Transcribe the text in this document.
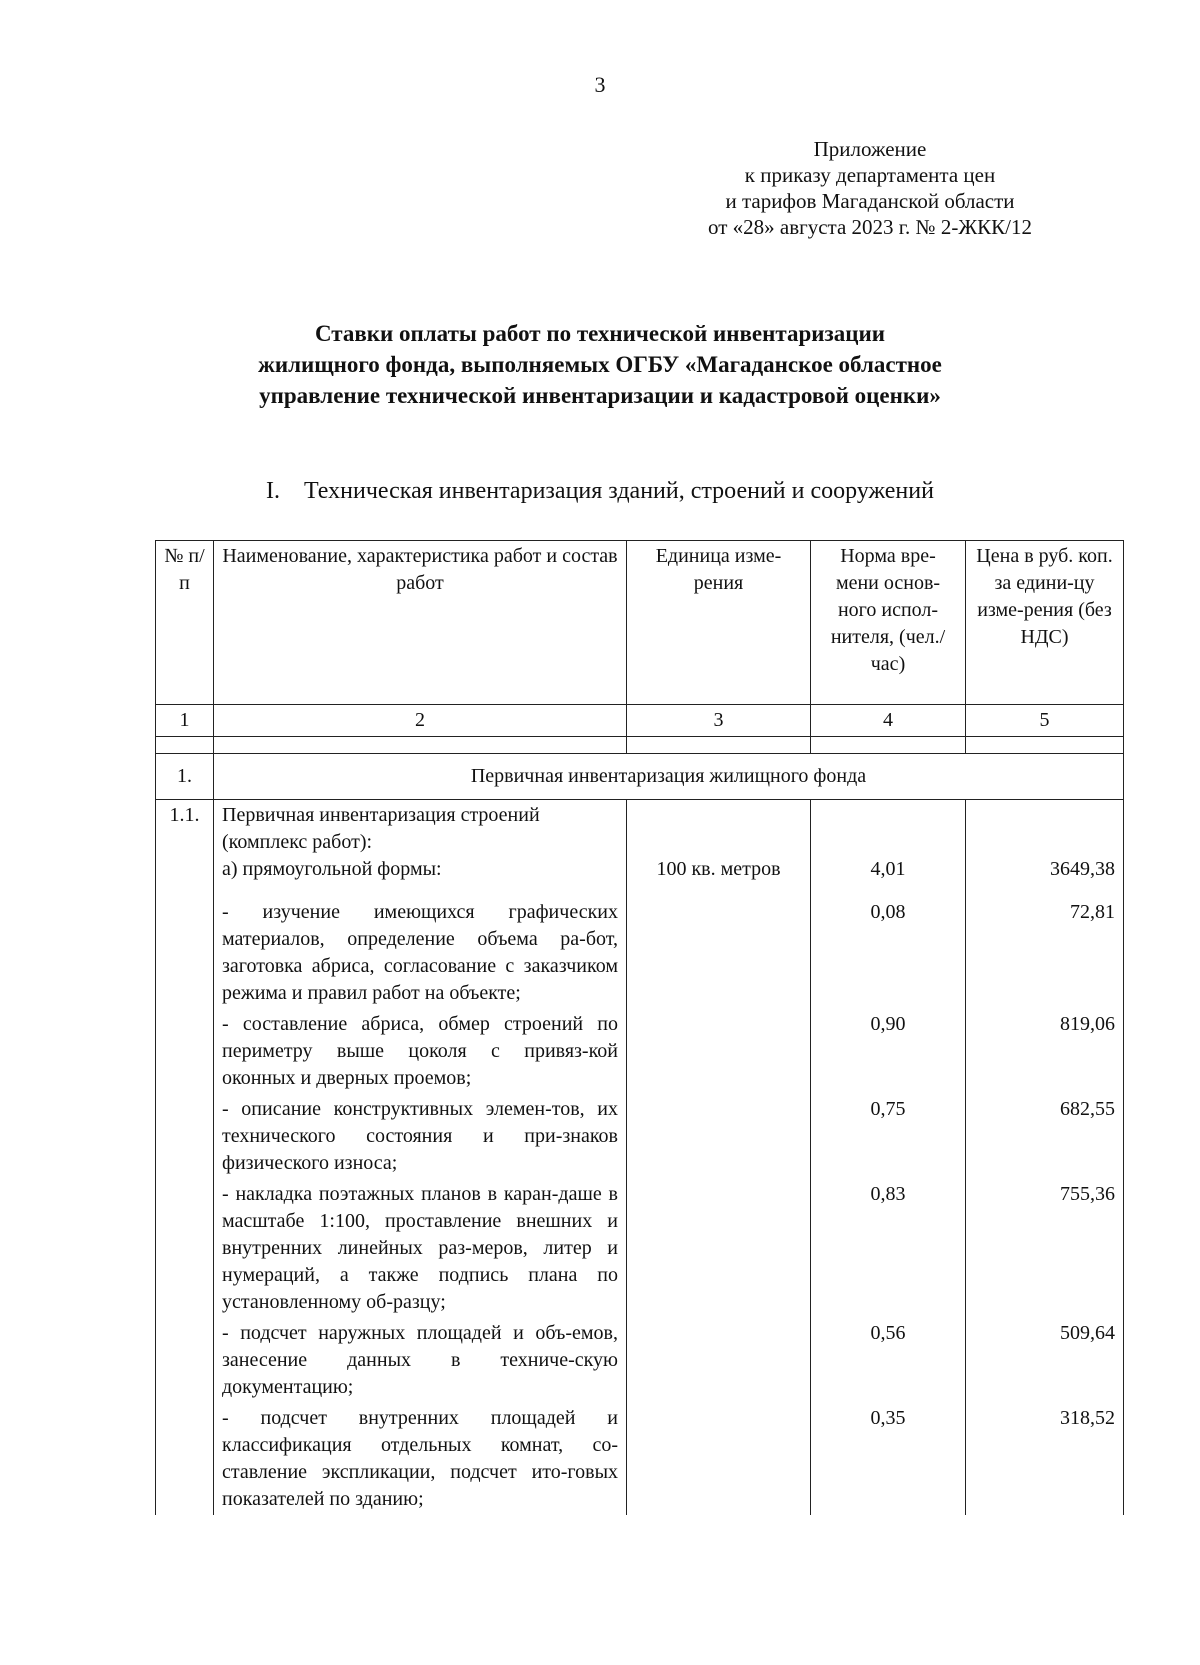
3
Приложение
к приказу департамента цен
и тарифов Магаданской области
от «28» августа 2023 г. № 2-ЖКК/12
Ставки оплаты работ по технической инвентаризации
жилищного фонда, выполняемых ОГБУ «Магаданское областное
управление технической инвентаризации и кадастровой оценки»
I. Техническая инвентаризация зданий, строений и сооружений
№ п/п	Наименование, характеристика работ и состав работ	Единица изме-рения	Норма вре-мени основ-ного испол-нителя, (чел./час)	Цена в руб. коп. за едини-цу изме-рения (без НДС)
1	2	3	4	5

1.	Первичная инвентаризация жилищного фонда			
1.1.	Первичная инвентаризация строений (комплекс работ):
а) прямоугольной формы:	100 кв. метров	4,01	3649,38
	- изучение имеющихся графических материалов, определение объема ра-бот, заготовка абриса, согласование с заказчиком режима и правил работ на объекте;		0,08	72,81
	- составление абриса, обмер строений по периметру выше цоколя с привяз-кой оконных и дверных проемов;		0,90	819,06
	- описание конструктивных элемен-тов, их технического состояния и при-знаков физического износа;		0,75	682,55
	- накладка поэтажных планов в каран-даше в масштабе 1:100, проставление внешних и внутренних линейных раз-меров, литер и нумераций, а также подпись плана по установленному об-разцу;		0,83	755,36
	- подсчет наружных площадей и объ-емов, занесение данных в техниче-скую документацию;		0,56	509,64
	- подсчет внутренних площадей и классификация отдельных комнат, со-ставление экспликации, подсчет ито-говых показателей по зданию;		0,35	318,52
